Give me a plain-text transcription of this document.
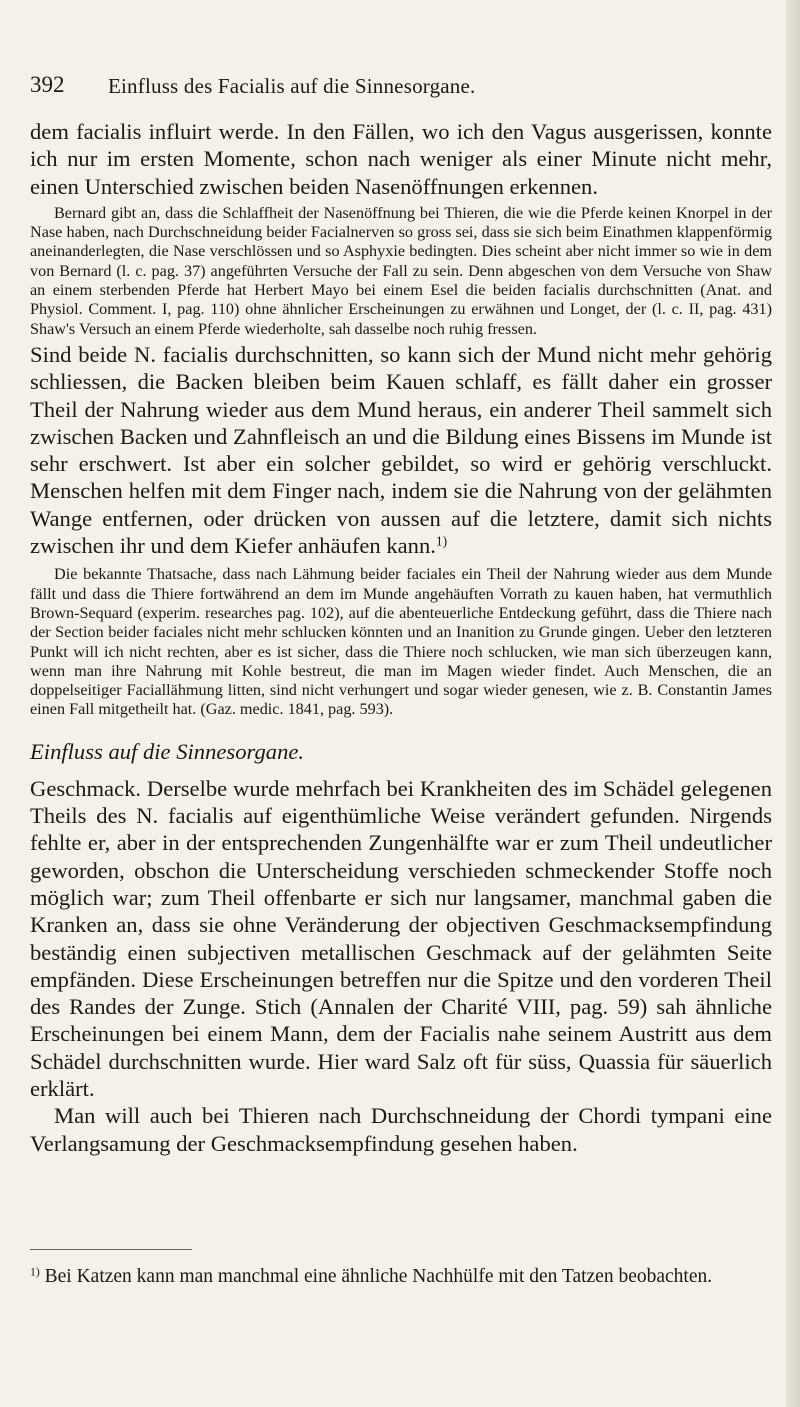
392 Einfluss des Facialis auf die Sinnesorgane.

dem facialis influirt werde. In den Fällen, wo ich den Vagus ausgerissen, konnte ich nur im ersten Momente, schon nach weniger als einer Minute nicht mehr, einen Unterschied zwischen beiden Nasenöffnungen erkennen.

Bernard gibt an, dass die Schlaffheit der Nasenöffnung bei Thieren, die wie die Pferde keinen Knorpel in der Nase haben, nach Durchschneidung beider Facialnerven so gross sei, dass sie sich beim Einathmen klappenförmig aneinanderlegten, die Nase verschlössen und so Asphyxie bedingten. Dies scheint aber nicht immer so wie in dem von Bernard (l. c. pag. 37) angeführten Versuche der Fall zu sein. Denn abgeschen von dem Versuche von Shaw an einem sterbenden Pferde hat Herbert Mayo bei einem Esel die beiden facialis durchschnitten (Anat. and Physiol. Comment. I, pag. 110) ohne ähnlicher Erscheinungen zu erwähnen und Longet, der (l. c. II, pag. 431) Shaw's Versuch an einem Pferde wiederholte, sah dasselbe noch ruhig fressen.

Sind beide N. facialis durchschnitten, so kann sich der Mund nicht mehr gehörig schliessen, die Backen bleiben beim Kauen schlaff, es fällt daher ein grosser Theil der Nahrung wieder aus dem Mund heraus, ein anderer Theil sammelt sich zwischen Backen und Zahnfleisch an und die Bildung eines Bissens im Munde ist sehr erschwert. Ist aber ein solcher gebildet, so wird er gehörig verschluckt. Menschen helfen mit dem Finger nach, indem sie die Nahrung von der gelähmten Wange entfernen, oder drücken von aussen auf die letztere, damit sich nichts zwischen ihr und dem Kiefer anhäufen kann.$^{1)}$

Die bekannte Thatsache, dass nach Lähmung beider faciales ein Theil der Nahrung wieder aus dem Munde fällt und dass die Thiere fortwährend an dem im Munde angehäuften Vorrath zu kauen haben, hat vermuthlich Brown-Sequard (experim. researches pag. 102), auf die abenteuerliche Entdeckung geführt, dass die Thiere nach der Section beider faciales nicht mehr schlucken könnten und an Inanition zu Grunde gingen. Ueber den letzteren Punkt will ich nicht rechten, aber es ist sicher, dass die Thiere noch schlucken, wie man sich überzeugen kann, wenn man ihre Nahrung mit Kohle bestreut, die man im Magen wieder findet. Auch Menschen, die an doppelseitiger Faciallähmung litten, sind nicht verhungert und sogar wieder genesen, wie z. B. Constantin James einen Fall mitgetheilt hat. (Gaz. medic. 1841, pag. 593).

Einfluss auf die Sinnesorgane.

Geschmack. Derselbe wurde mehrfach bei Krankheiten des im Schädel gelegenen Theils des N. facialis auf eigenthümliche Weise verändert gefunden. Nirgends fehlte er, aber in der entsprechenden Zungenhälfte war er zum Theil undeutlicher geworden, obschon die Unterscheidung verschieden schmeckender Stoffe noch möglich war; zum Theil offenbarte er sich nur langsamer, manchmal gaben die Kranken an, dass sie ohne Veränderung der objectiven Geschmacksempfindung beständig einen subjectiven metallischen Geschmack auf der gelähmten Seite empfänden. Diese Erscheinungen betreffen nur die Spitze und den vorderen Theil des Randes der Zunge. Stich (Annalen der Charité VIII, pag. 59) sah ähnliche Erscheinungen bei einem Mann, dem der Facialis nahe seinem Austritt aus dem Schädel durchschnitten wurde. Hier ward Salz oft für süss, Quassia für säuerlich erklärt.

Man will auch bei Thieren nach Durchschneidung der Chordi tympani eine Verlangsamung der Geschmacksempfindung gesehen haben.

$^{1)}$ Bei Katzen kann man manchmal eine ähnliche Nachhülfe mit den Tatzen beobachten.
